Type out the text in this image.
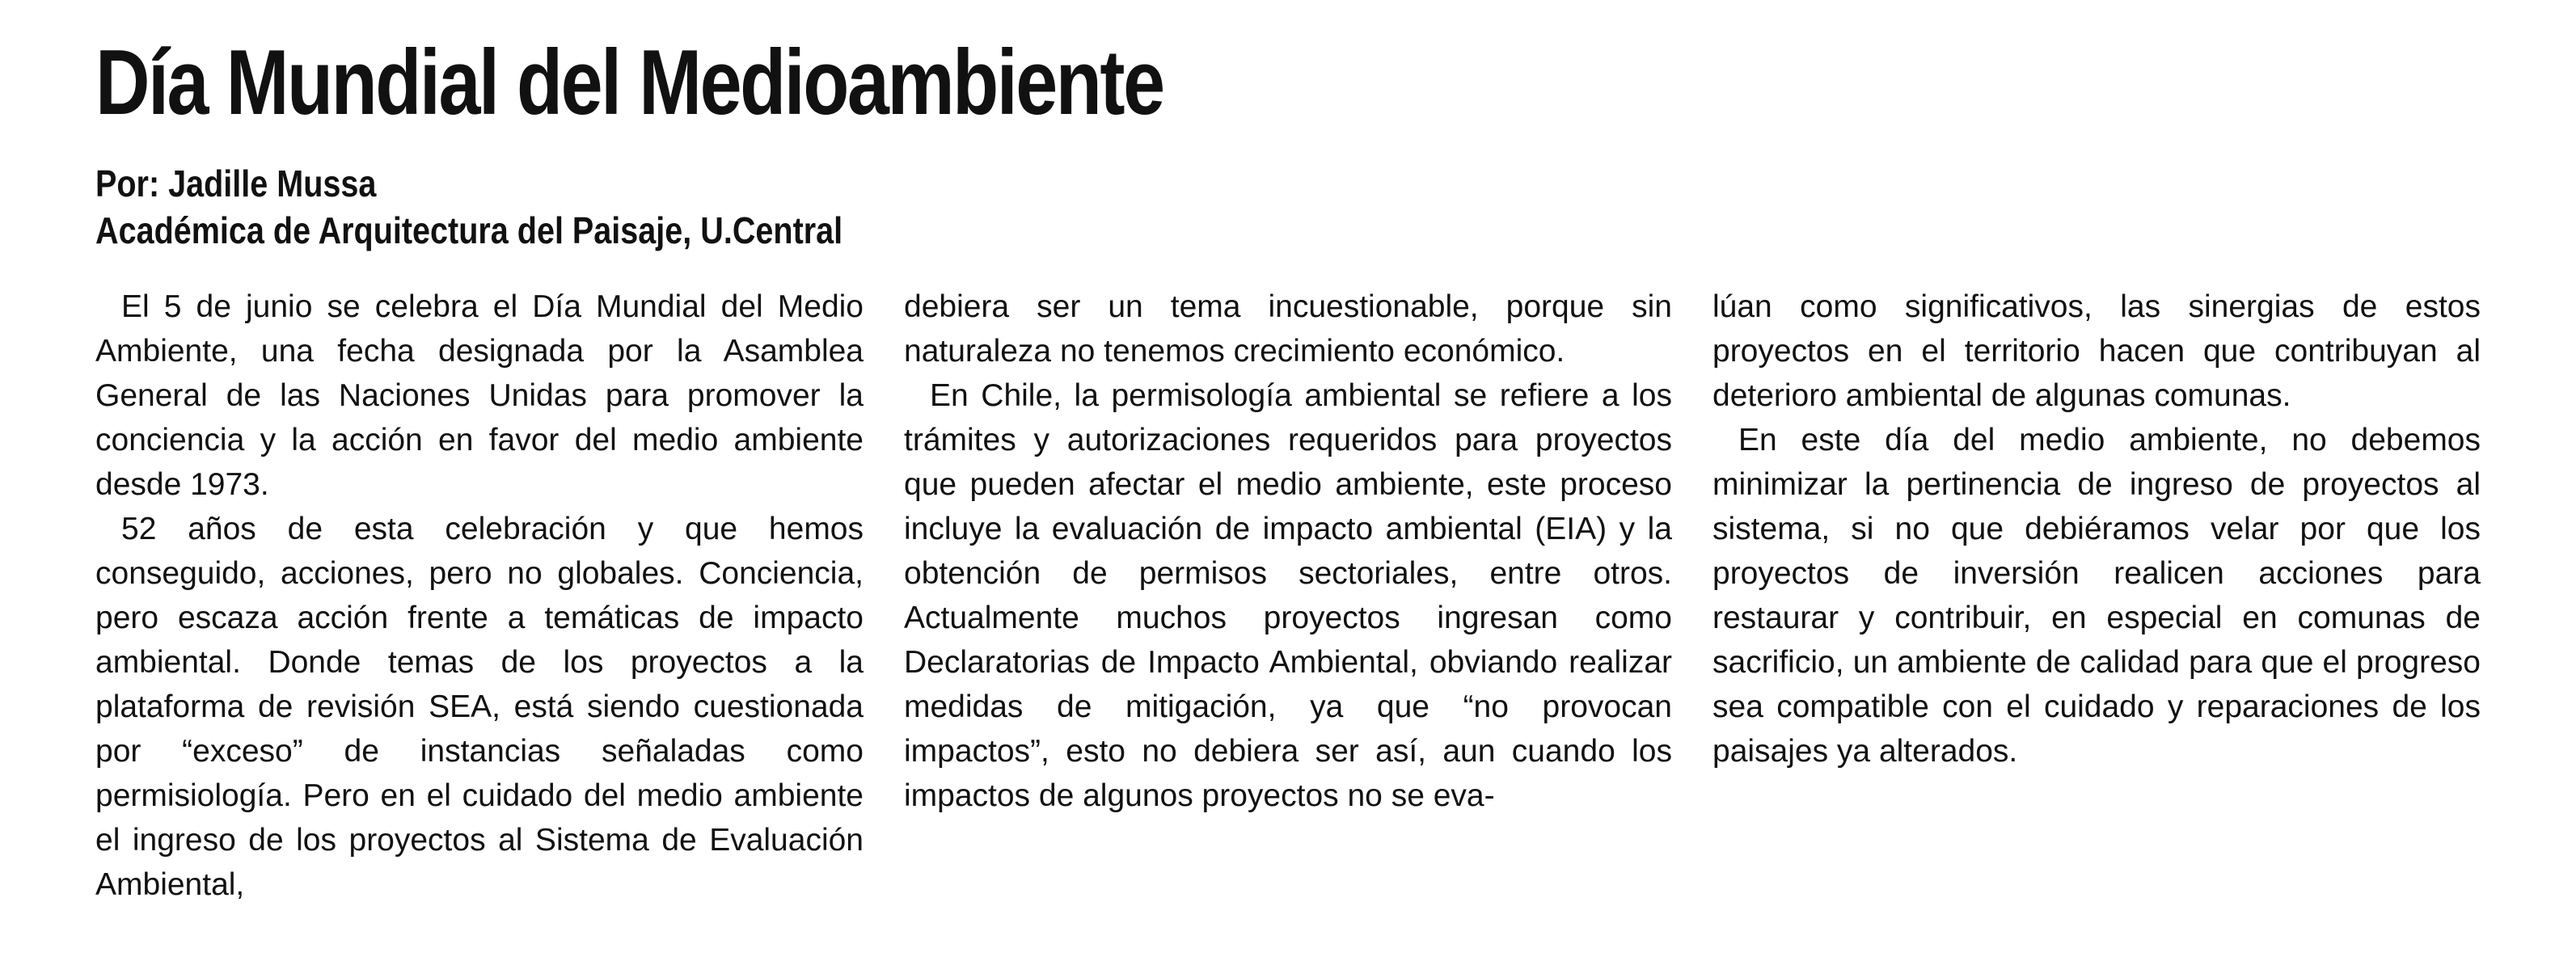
Día Mundial del Medioambiente
Por: Jadille Mussa
Académica de Arquitectura del Paisaje, U.Central

El 5 de junio se celebra el Día Mundial del Medio Ambiente, una fecha designada por la Asamblea General de las Naciones Unidas para promover la conciencia y la acción en favor del medio ambiente desde 1973.

52 años de esta celebración y que hemos conseguido, acciones, pero no globales. Conciencia, pero escaza acción frente a temáticas de impacto ambiental. Donde temas de los proyectos a la plataforma de revisión SEA, está siendo cuestionada por “exceso” de instancias señaladas como permisiología. Pero en el cuidado del medio ambiente el ingreso de los proyectos al Sistema de Evaluación Ambiental,

debiera ser un tema incuestionable, porque sin naturaleza no tenemos crecimiento económico.

En Chile, la permisología ambiental se refiere a los trámites y autorizaciones requeridos para proyectos que pueden afectar el medio ambiente, este proceso incluye la evaluación de impacto ambiental (EIA) y la obtención de permisos sectoriales, entre otros. Actualmente muchos proyectos ingresan como Declaratorias de Impacto Ambiental, obviando realizar medidas de mitigación, ya que “no provocan impactos”, esto no debiera ser así, aun cuando los impactos de algunos proyectos no se eva-

lúan como significativos, las sinergias de estos proyectos en el territorio hacen que contribuyan al deterioro ambiental de algunas comunas.

En este día del medio ambiente, no debemos minimizar la pertinencia de ingreso de proyectos al sistema, si no que debiéramos velar por que los proyectos de inversión realicen acciones para restaurar y contribuir, en especial en comunas de sacrificio, un ambiente de calidad para que el progreso sea compatible con el cuidado y reparaciones de los paisajes ya alterados.
